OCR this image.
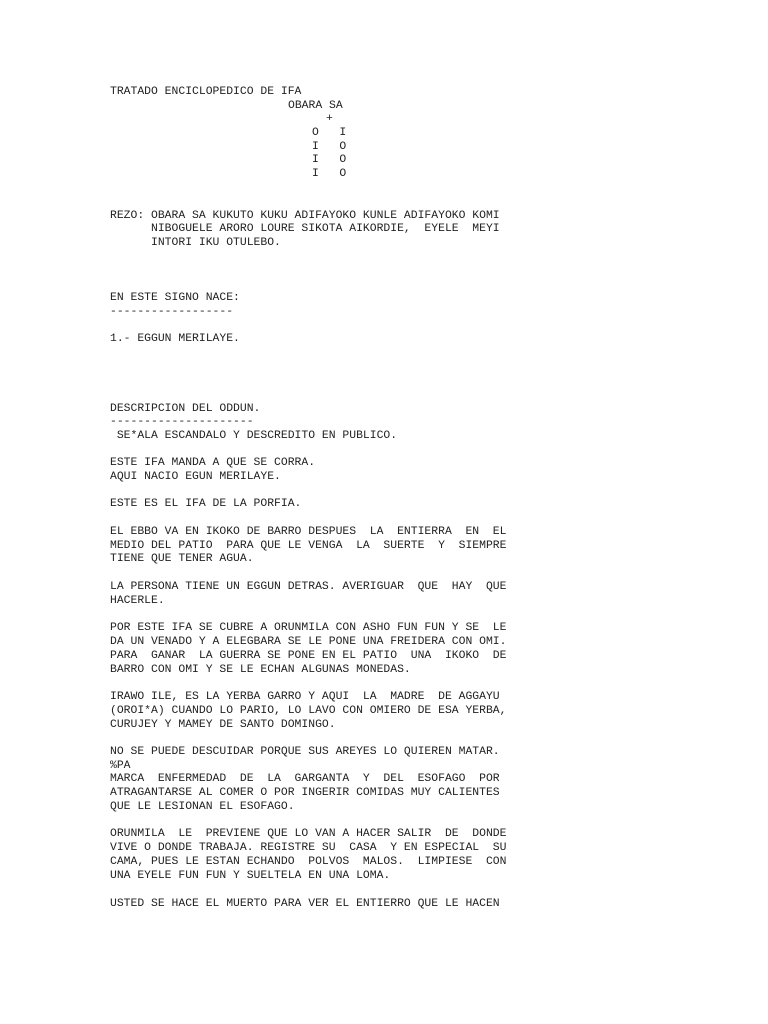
TRATADO ENCICLOPEDICO DE IFA

OBARA SA

+

O   I

I   O

I   O

I   O

REZO: OBARA SA KUKUTO KUKU ADIFAYOKO KUNLE ADIFAYOKO KOMI

NIBOGUELE ARORO LOURE SIKOTA AIKORDIE,  EYELE  MEYI

INTORI IKU OTULEBO.

EN ESTE SIGNO NACE:

------------------

1.- EGGUN MERILAYE.

DESCRIPCION DEL ODDUN.

---------------------

SE*ALA ESCANDALO Y DESCREDITO EN PUBLICO.

ESTE IFA MANDA A QUE SE CORRA.

AQUI NACIO EGUN MERILAYE.

ESTE ES EL IFA DE LA PORFIA.

EL EBBO VA EN IKOKO DE BARRO DESPUES  LA  ENTIERRA  EN  EL

MEDIO DEL PATIO  PARA QUE LE VENGA  LA  SUERTE  Y  SIEMPRE

TIENE QUE TENER AGUA.

LA PERSONA TIENE UN EGGUN DETRAS. AVERIGUAR  QUE  HAY  QUE

HACERLE.

POR ESTE IFA SE CUBRE A ORUNMILA CON ASHO FUN FUN Y SE  LE

DA UN VENADO Y A ELEGBARA SE LE PONE UNA FREIDERA CON OMI.

PARA  GANAR  LA GUERRA SE PONE EN EL PATIO  UNA  IKOKO  DE

BARRO CON OMI Y SE LE ECHAN ALGUNAS MONEDAS.

IRAWO ILE, ES LA YERBA GARRO Y AQUI  LA  MADRE  DE AGGAYU

(OROI*A) CUANDO LO PARIO, LO LAVO CON OMIERO DE ESA YERBA,

CURUJEY Y MAMEY DE SANTO DOMINGO.

NO SE PUEDE DESCUIDAR PORQUE SUS AREYES LO QUIEREN MATAR.

%PA

MARCA  ENFERMEDAD  DE  LA  GARGANTA  Y  DEL  ESOFAGO  POR

ATRAGANTARSE AL COMER O POR INGERIR COMIDAS MUY CALIENTES

QUE LE LESIONAN EL ESOFAGO.

ORUNMILA  LE  PREVIENE QUE LO VAN A HACER SALIR  DE  DONDE

VIVE O DONDE TRABAJA. REGISTRE SU  CASA  Y EN ESPECIAL  SU

CAMA, PUES LE ESTAN ECHANDO  POLVOS  MALOS.  LIMPIESE  CON

UNA EYELE FUN FUN Y SUELTELA EN UNA LOMA.

USTED SE HACE EL MUERTO PARA VER EL ENTIERRO QUE LE HACEN
